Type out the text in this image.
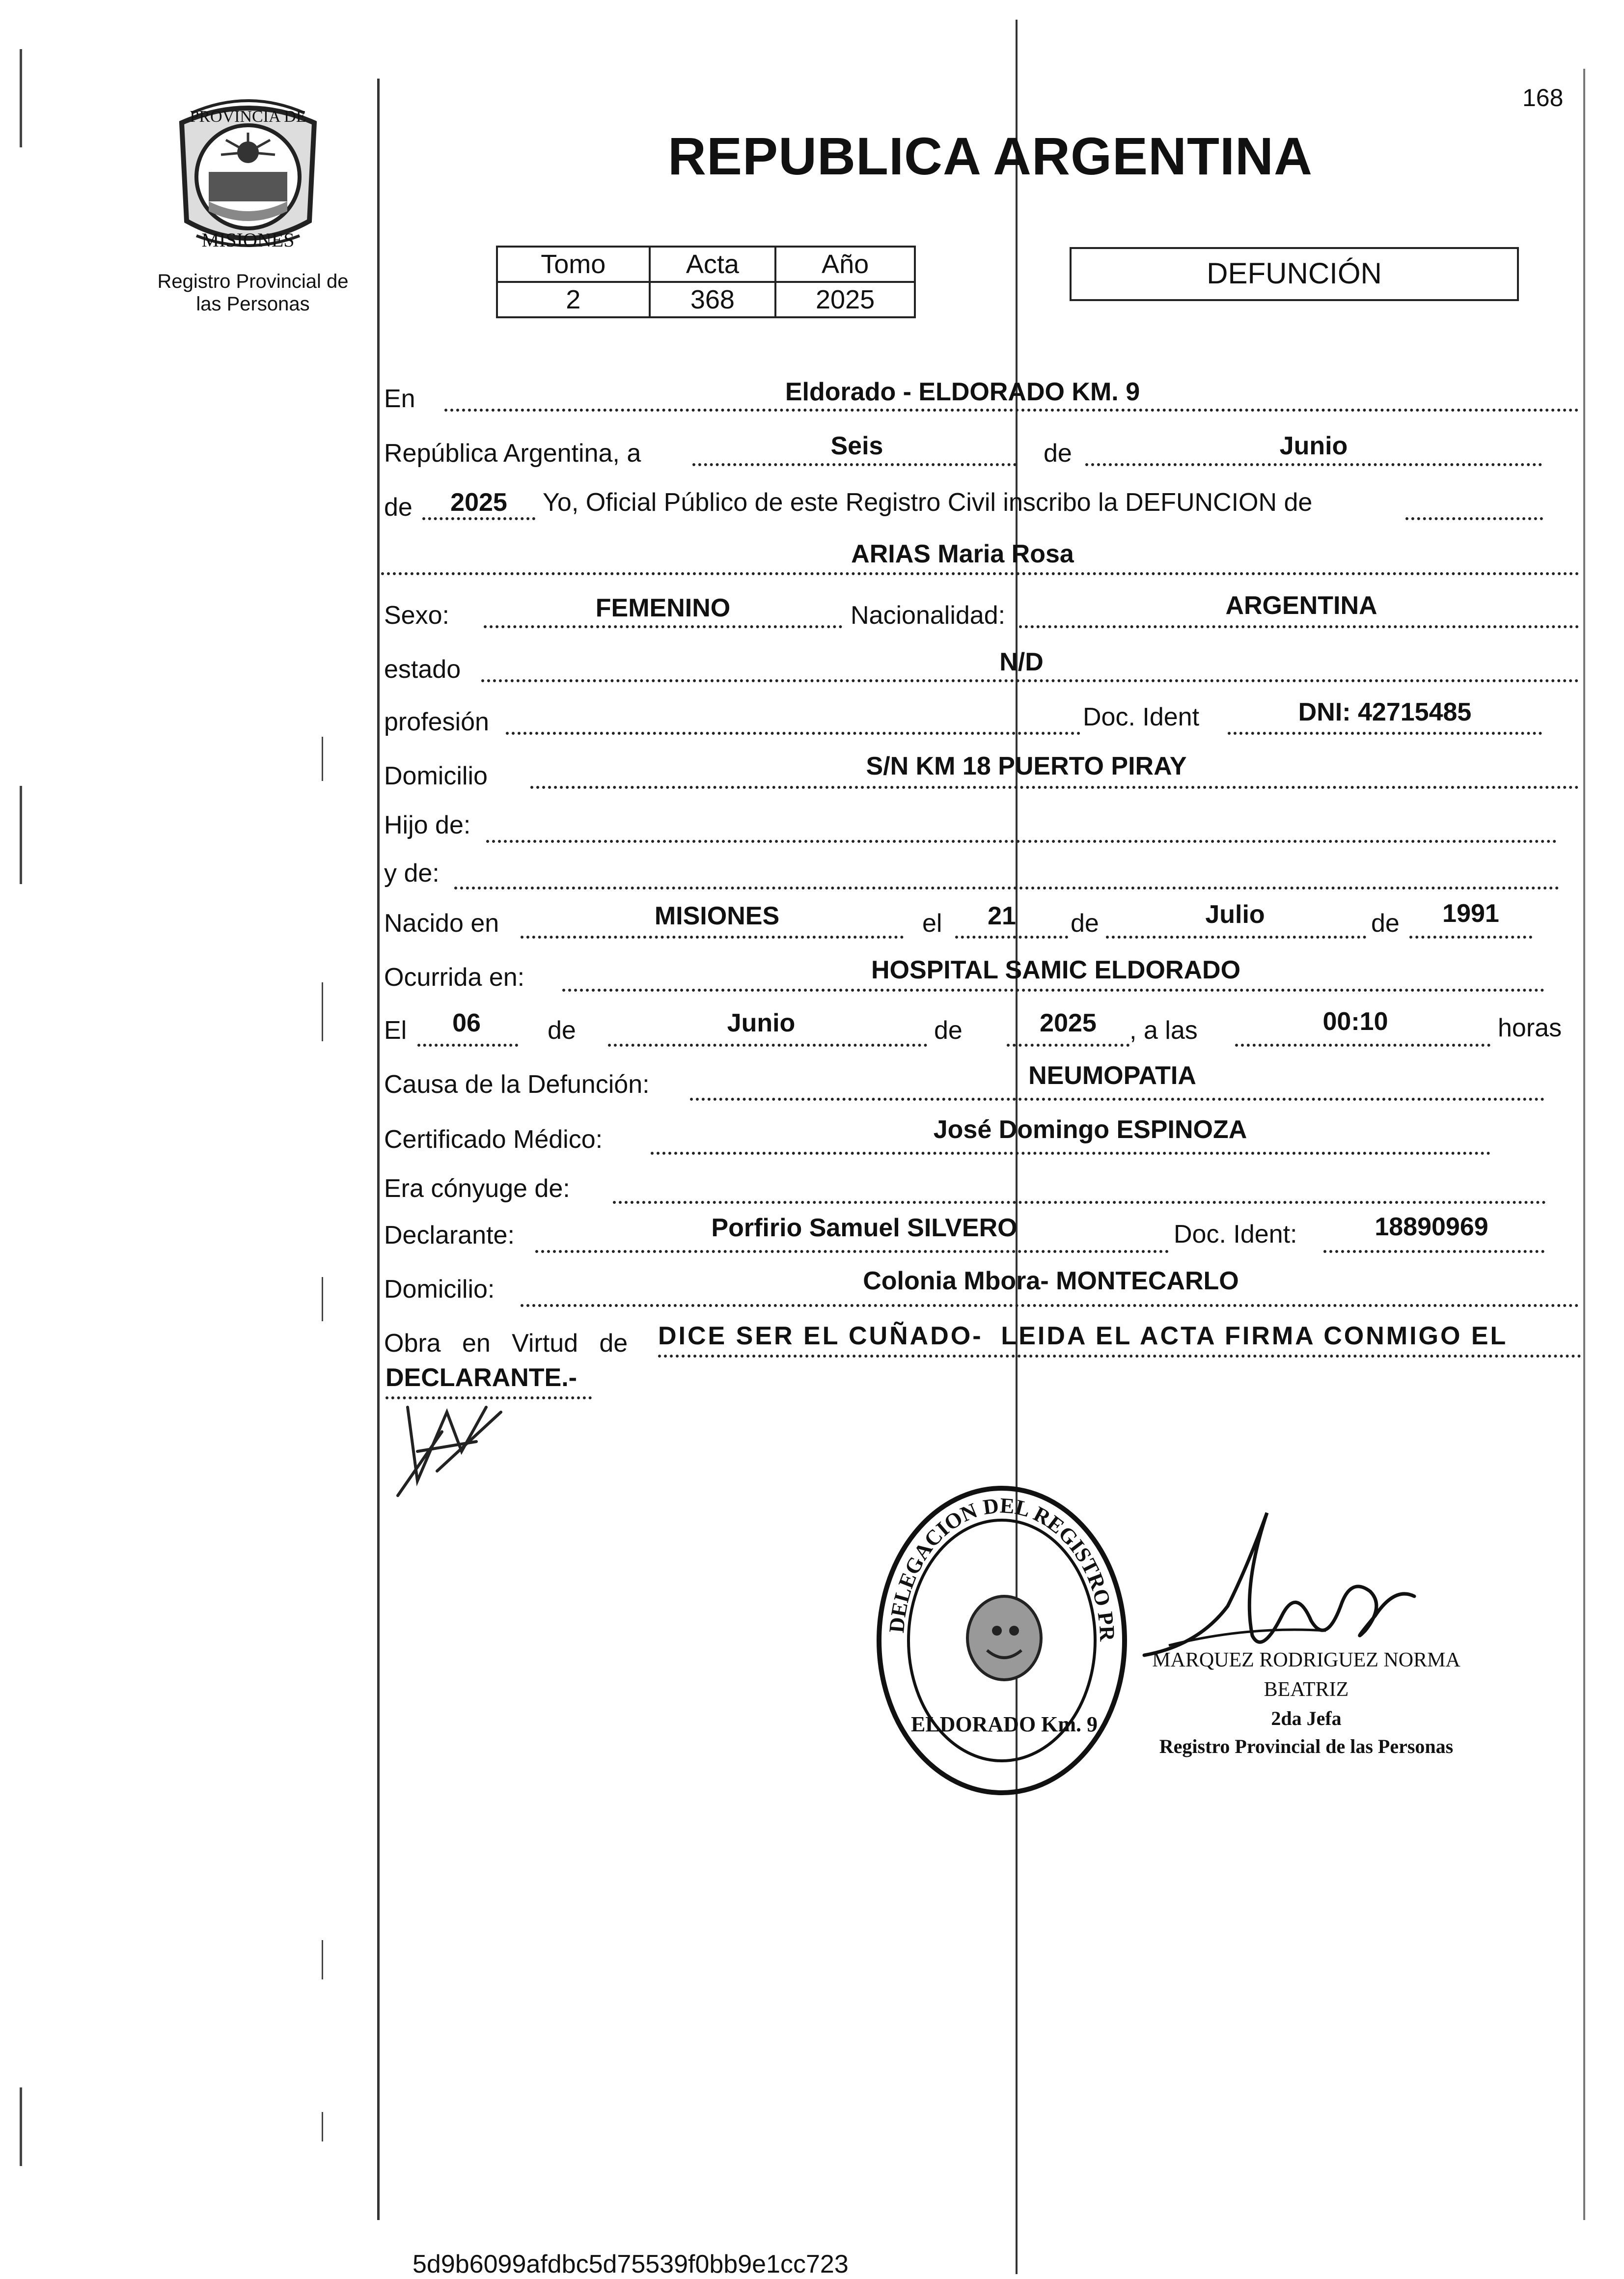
168
PROVINCIA DE
MISIONES
Registro Provincial de
las Personas
REPUBLICA ARGENTINA
Tomo	Acta	Año
2	368	2025
DEFUNCIÓN
En	Eldorado - ELDORADO KM. 9
República Argentina, a	Seis	de	Junio
de	2025	Yo, Oficial Público de este Registro Civil inscribo la DEFUNCION de
ARIAS Maria Rosa
Sexo:	FEMENINO	Nacionalidad:	ARGENTINA
estado	N/D
profesión	Doc. Ident	DNI: 42715485
Domicilio	S/N KM 18 PUERTO PIRAY
Hijo de:
y de:
Nacido en	MISIONES	el	21	de	Julio	de	1991
Ocurrida en:	HOSPITAL SAMIC ELDORADO
El	06	de	Junio	de	2025	, a las	00:10	horas
Causa de la Defunción:	NEUMOPATIA
Certificado Médico:	José Domingo ESPINOZA
Era cónyuge de:
Declarante:	Porfirio Samuel SILVERO	Doc. Ident:	18890969
Domicilio:	Colonia Mbora- MONTECARLO
Obra   en   Virtud   de DICE SER EL CUÑADO-  LEIDA EL ACTA FIRMA CONMIGO EL
DECLARANTE.-
DELEGACION DEL REGISTRO PR
ELDORADO Km. 9
MARQUEZ RODRIGUEZ NORMA BEATRIZ
2da Jefa
Registro Provincial de las Personas
5d9b6099afdbc5d75539f0bb9e1cc723
